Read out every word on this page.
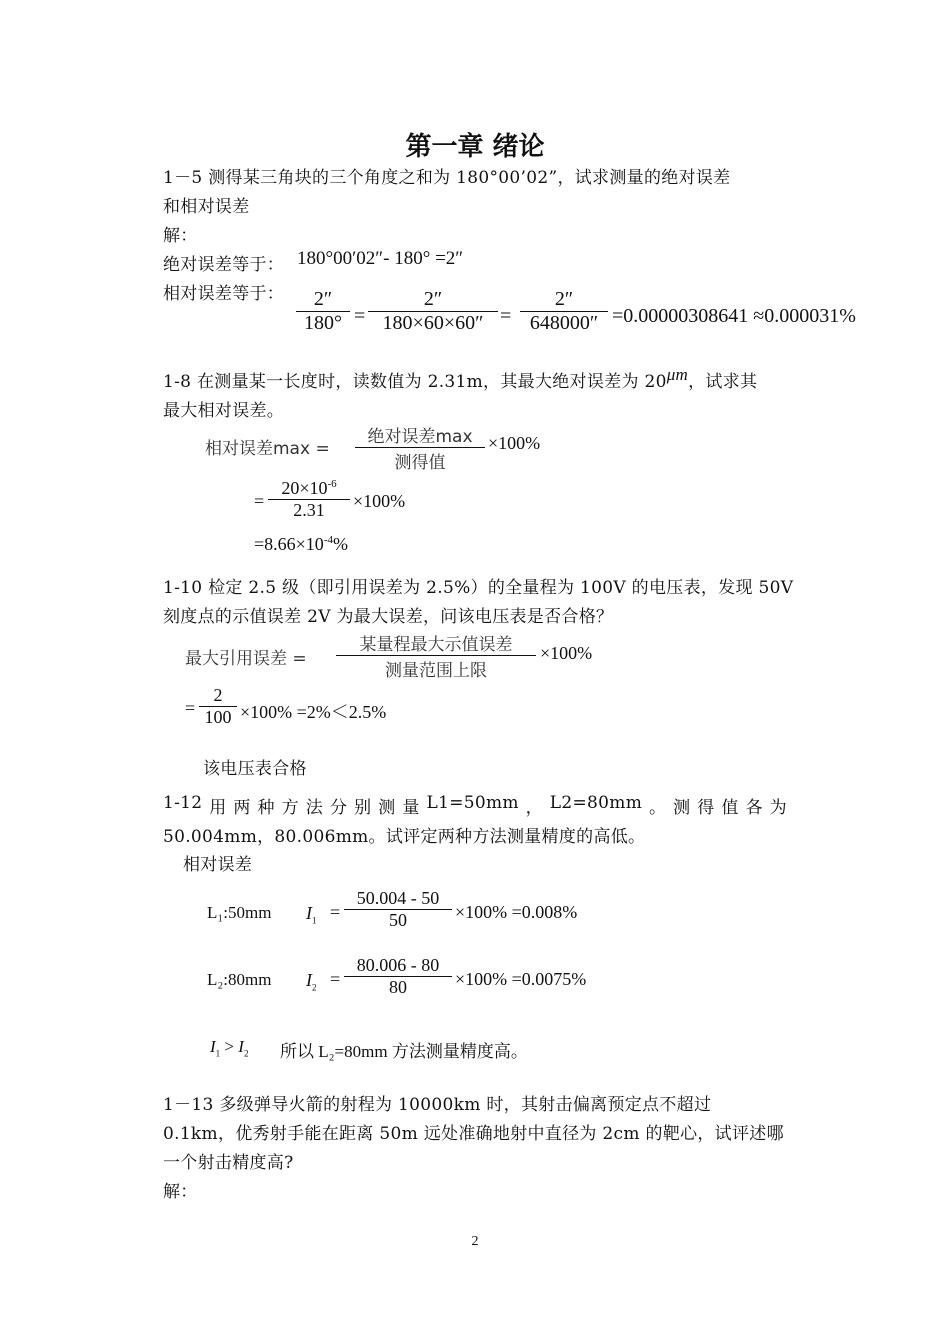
第一章 绪论
1－5 测得某三角块的三个角度之和为 180°00’02”，试求测量的绝对误差
和相对误差
解：
绝对误差等于： 180°00′02″- 180° =2″
相对误差等于：	2″
180° =
2″
180×60×60″ =
2″
648000″ =0.00000308641 ≈0.000031%
1-8 在测量某一长度时，读数值为 2.31m，其最大绝对误差为 20μm，试求其
最大相对误差。
相对误差max =
绝对误差max
测得值
×100%
=
$20\times 10^{-6}$
2.31	×100%
$=8.66\times 10^{-4}\%$
1-10 检定 2.5 级（即引用误差为 2.5%）的全量程为 100V 的电压表，发现 50V
刻度点的示值误差 2V 为最大误差，问该电压表是否合格？
最大引用误差 =
某量程最大示值误差
测量范围上限
×100%
=
2
100 ×100% =2%＜2.5%
该电压表合格
1-12 用 两 种 方 法 分 别 测 量 L1=50mm ， L2=80mm 。 测 得 值 各 为
50.004mm，80.006mm。试评定两种方法测量精度的高低。
相对误差
L₁:50mm $I_1$ =
50.004 - 50
50	×100% =0.008%
L₂:80mm $I_2$ =
80.006 - 80
80	×100% =0.0075%
$I_1 > I_2$ 所以 L₂=80mm 方法测量精度高。
1－13 多级弹导火箭的射程为 10000km 时，其射击偏离预定点不超过
0.1km，优秀射手能在距离 50m 远处准确地射中直径为 2cm 的靶心，试评述哪
一个射击精度高?
解：
2
